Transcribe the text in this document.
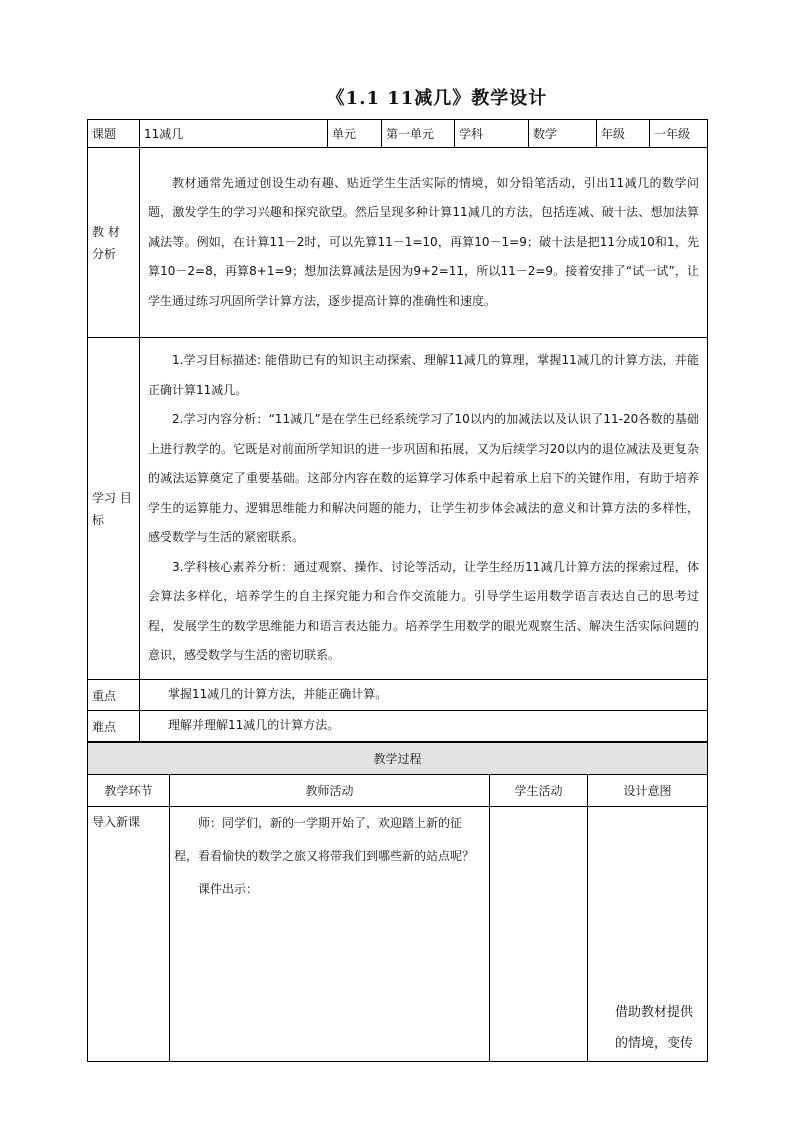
《1.1 11减几》教学设计
课题	11减几	单元	第一单元	学科	数学	年级	一年级
教 材 分析	教材通常先通过创设生动有趣、贴近学生生活实际的情境，如分铅笔活动，引出11减几的数学问题，激发学生的学习兴趣和探究欲望。然后呈现多种计算11减几的方法，包括连减、破十法、想加法算减法等。例如，在计算11－2时，可以先算11－1=10，再算10－1=9；破十法是把11分成10和1，先算10－2=8，再算8+1=9；想加法算减法是因为9+2=11，所以11－2=9。接着安排了“试一试”，让学生通过练习巩固所学计算方法，逐步提高计算的准确性和速度。						

学习 目标	1.学习目标描述: 能借助已有的知识主动探索、理解11减几的算理，掌握11减几的计算方法，并能正确计算11减几。
2.学习内容分析：“11减几”是在学生已经系统学习了10以内的加减法以及认识了11-20各数的基础上进行教学的。它既是对前面所学知识的进一步巩固和拓展，又为后续学习20以内的退位减法及更复杂的减法运算奠定了重要基础。这部分内容在数的运算学习体系中起着承上启下的关键作用，有助于培养学生的运算能力、逻辑思维能力和解决问题的能力，让学生初步体会减法的意义和计算方法的多样性，感受数学与生活的紧密联系。
3.学科核心素养分析：通过观察、操作、讨论等活动，让学生经历11减几计算方法的探索过程，体会算法多样化，培养学生的自主探究能力和合作交流能力。引导学生运用数学语言表达自己的思考过程，发展学生的数学思维能力和语言表达能力。培养学生用数学的眼光观察生活、解决生活实际问题的意识，感受数学与生活的密切联系。						

重点	掌握11减几的计算方法，并能正确计算。						
难点	理解并理解11减几的计算方法。						
教学过程			
教学环节	教师活动	学生活动	设计意图
导入新课	师：同学们，新的一学期开始了，欢迎踏上新的征程，看看愉快的数学之旅又将带我们到哪些新的站点呢？

课件出示：		借助教材提供的情境，变传
